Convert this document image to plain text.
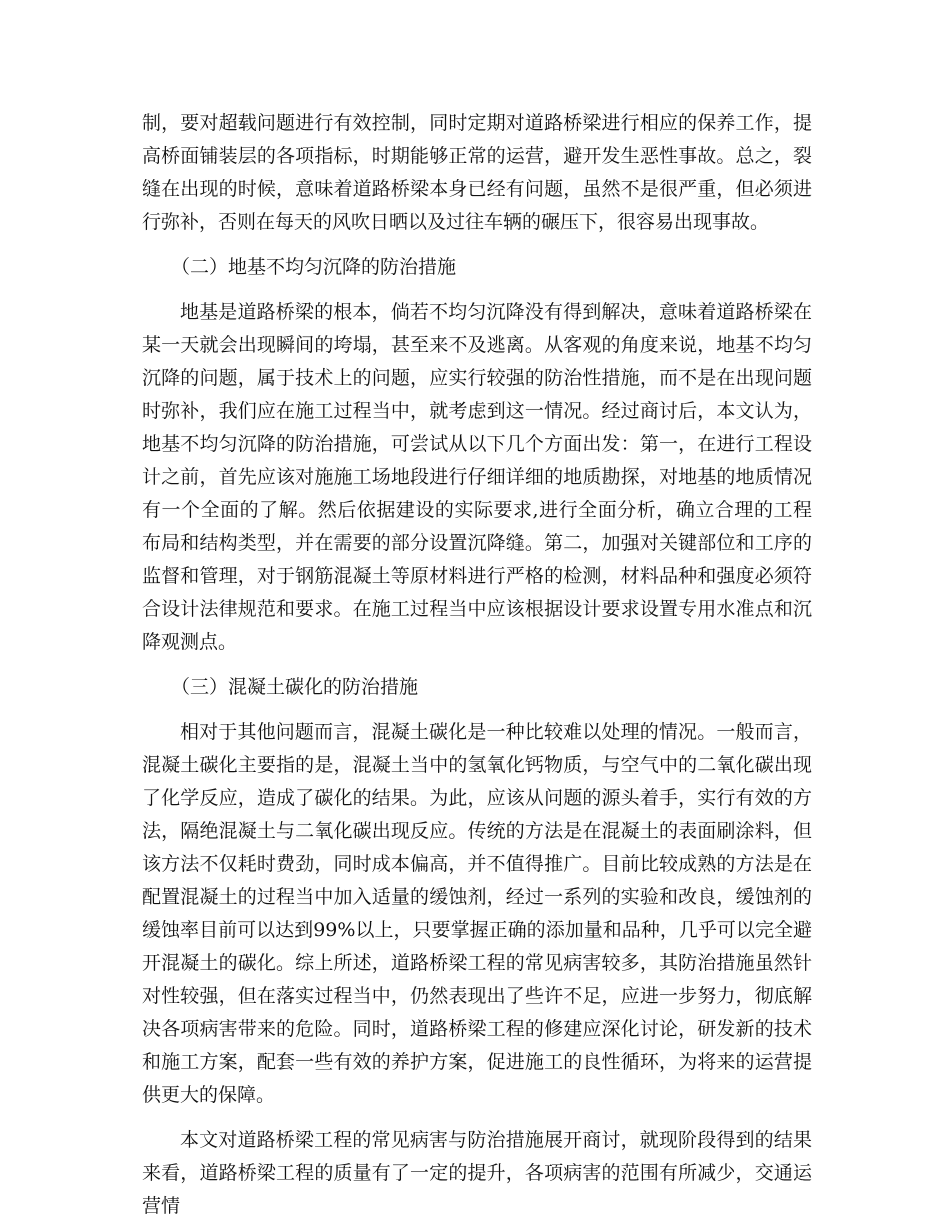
制，要对超载问题进行有效控制，同时定期对道路桥梁进行相应的保养工作，提高桥面铺装层的各项指标，时期能够正常的运营，避开发生恶性事故。总之，裂缝在出现的时候，意味着道路桥梁本身已经有问题，虽然不是很严重，但必须进行弥补，否则在每天的风吹日晒以及过往车辆的碾压下，很容易出现事故。

（二）地基不均匀沉降的防治措施

地基是道路桥梁的根本，倘若不均匀沉降没有得到解决，意味着道路桥梁在某一天就会出现瞬间的垮塌，甚至来不及逃离。从客观的角度来说，地基不均匀沉降的问题，属于技术上的问题，应实行较强的防治性措施，而不是在出现问题时弥补，我们应在施工过程当中，就考虑到这一情况。经过商讨后，本文认为，地基不均匀沉降的防治措施，可尝试从以下几个方面出发：第一，在进行工程设计之前，首先应该对施施工场地段进行仔细详细的地质勘探，对地基的地质情况有一个全面的了解。然后依据建设的实际要求,进行全面分析，确立合理的工程布局和结构类型，并在需要的部分设置沉降缝。第二，加强对关键部位和工序的监督和管理，对于钢筋混凝土等原材料进行严格的检测，材料品种和强度必须符合设计法律规范和要求。在施工过程当中应该根据设计要求设置专用水准点和沉降观测点。

（三）混凝土碳化的防治措施

相对于其他问题而言，混凝土碳化是一种比较难以处理的情况。一般而言，混凝土碳化主要指的是，混凝土当中的氢氧化钙物质，与空气中的二氧化碳出现了化学反应，造成了碳化的结果。为此，应该从问题的源头着手，实行有效的方法，隔绝混凝土与二氧化碳出现反应。传统的方法是在混凝土的表面刷涂料，但该方法不仅耗时费劲，同时成本偏高，并不值得推广。目前比较成熟的方法是在配置混凝土的过程当中加入适量的缓蚀剂，经过一系列的实验和改良，缓蚀剂的缓蚀率目前可以达到99%以上，只要掌握正确的添加量和品种，几乎可以完全避开混凝土的碳化。综上所述，道路桥梁工程的常见病害较多，其防治措施虽然针对性较强，但在落实过程当中，仍然表现出了些许不足，应进一步努力，彻底解决各项病害带来的危险。同时，道路桥梁工程的修建应深化讨论，研发新的技术和施工方案，配套一些有效的养护方案，促进施工的良性循环，为将来的运营提供更大的保障。

本文对道路桥梁工程的常见病害与防治措施展开商讨，就现阶段得到的结果来看，道路桥梁工程的质量有了一定的提升，各项病害的范围有所减少，交通运营情
